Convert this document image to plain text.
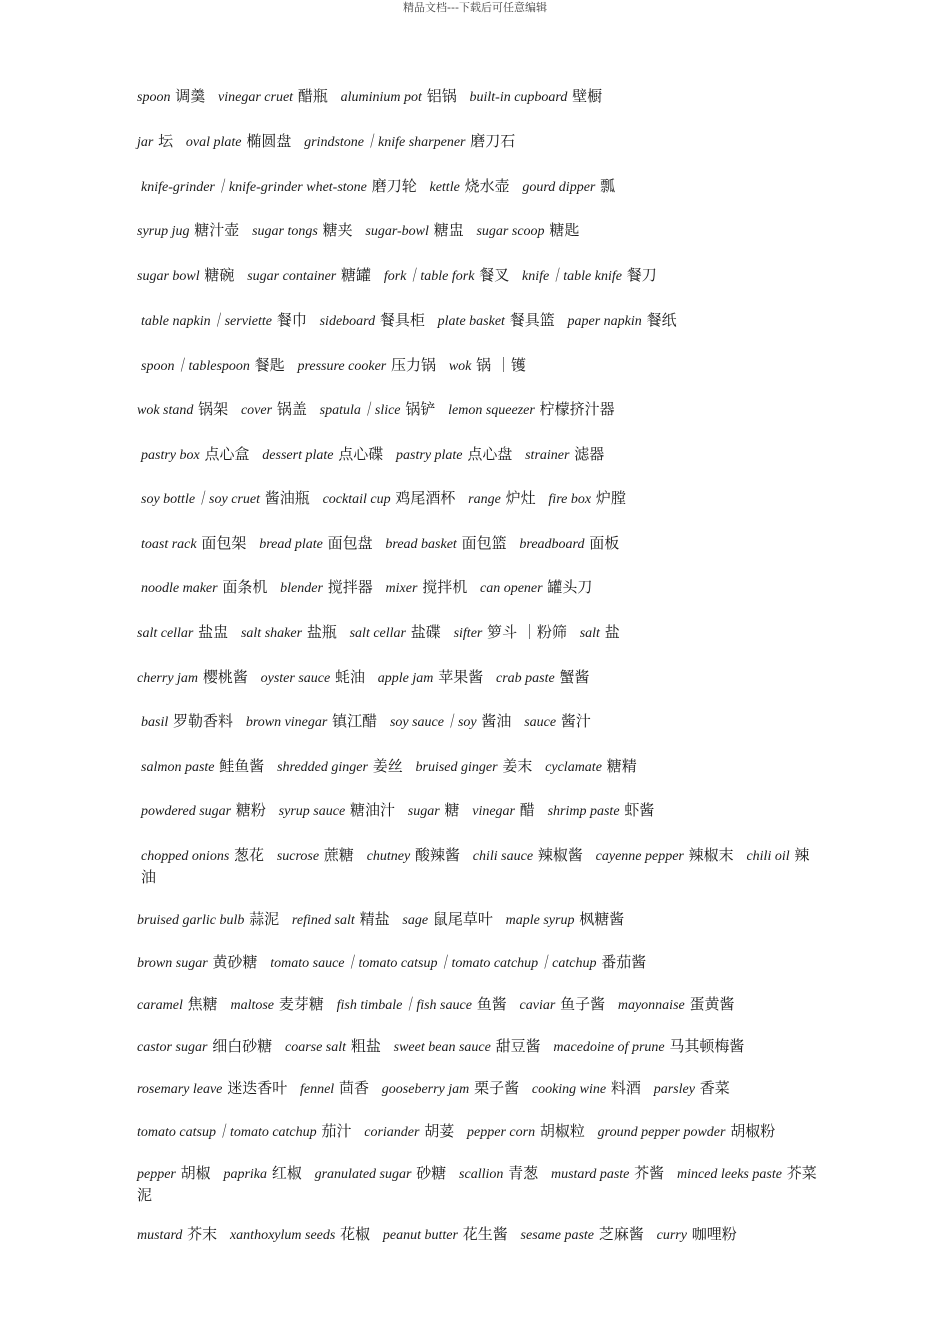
精品文档---下载后可任意编辑
spoon 调羹 vinegar cruet 醋瓶 aluminium pot 铝锅 built-in cupboard 壁橱
jar 坛 oval plate 椭圆盘 grindstone｜knife sharpener 磨刀石
knife-grinder｜knife-grinder whet-stone 磨刀轮 kettle 烧水壶 gourd dipper 瓢
syrup jug 糖汁壶 sugar tongs 糖夹 sugar-bowl 糖盅 sugar scoop 糖匙
sugar bowl 糖碗 sugar container 糖罐 fork｜table fork 餐叉 knife｜table knife 餐刀
table napkin｜serviette 餐巾 sideboard 餐具柜 plate basket 餐具篮 paper napkin 餐纸
spoon｜tablespoon 餐匙 pressure cooker 压力锅 wok 锅 ｜镬
wok stand 锅架 cover 锅盖 spatula｜slice 锅铲 lemon squeezer 柠檬挤汁器
pastry box 点心盒 dessert plate 点心碟 pastry plate 点心盘 strainer 滤器
soy bottle｜soy cruet 酱油瓶 cocktail cup 鸡尾酒杯 range 炉灶 fire box 炉膛
toast rack 面包架 bread plate 面包盘 bread basket 面包篮 breadboard 面板
noodle maker 面条机 blender 搅拌器 mixer 搅拌机 can opener 罐头刀
salt cellar 盐盅 salt shaker 盐瓶 salt cellar 盐碟 sifter 箩斗 ｜粉筛 salt 盐
cherry jam 樱桃酱 oyster sauce 蚝油 apple jam 苹果酱 crab paste 蟹酱
basil 罗勒香料 brown vinegar 镇江醋 soy sauce｜soy 酱油 sauce 酱汁
salmon paste 鲑鱼酱 shredded ginger 姜丝 bruised ginger 姜末 cyclamate 糖精
powdered sugar 糖粉 syrup sauce 糖油汁 sugar 糖 vinegar 醋 shrimp paste 虾酱
chopped onions 葱花 sucrose 蔗糖 chutney 酸辣酱 chili sauce 辣椒酱 cayenne pepper 辣椒末 chili oil 辣油
bruised garlic bulb 蒜泥 refined salt 精盐 sage 鼠尾草叶 maple syrup 枫糖酱
brown sugar 黄砂糖 tomato sauce｜tomato catsup｜tomato catchup｜catchup 番茄酱
caramel 焦糖 maltose 麦芽糖 fish timbale｜fish sauce 鱼酱 caviar 鱼子酱 mayonnaise 蛋黄酱
castor sugar 细白砂糖 coarse salt 粗盐 sweet bean sauce 甜豆酱 macedoine of prune 马其顿梅酱
rosemary leave 迷迭香叶 fennel 茴香 gooseberry jam 栗子酱 cooking wine 料酒 parsley 香菜
tomato catsup｜tomato catchup 茄汁 coriander 胡荽 pepper corn 胡椒粒 ground pepper powder 胡椒粉
pepper 胡椒 paprika 红椒 granulated sugar 砂糖 scallion 青葱 mustard paste 芥酱 minced leeks paste 芥菜泥
mustard 芥末 xanthoxylum seeds 花椒 peanut butter 花生酱 sesame paste 芝麻酱 curry 咖哩粉
